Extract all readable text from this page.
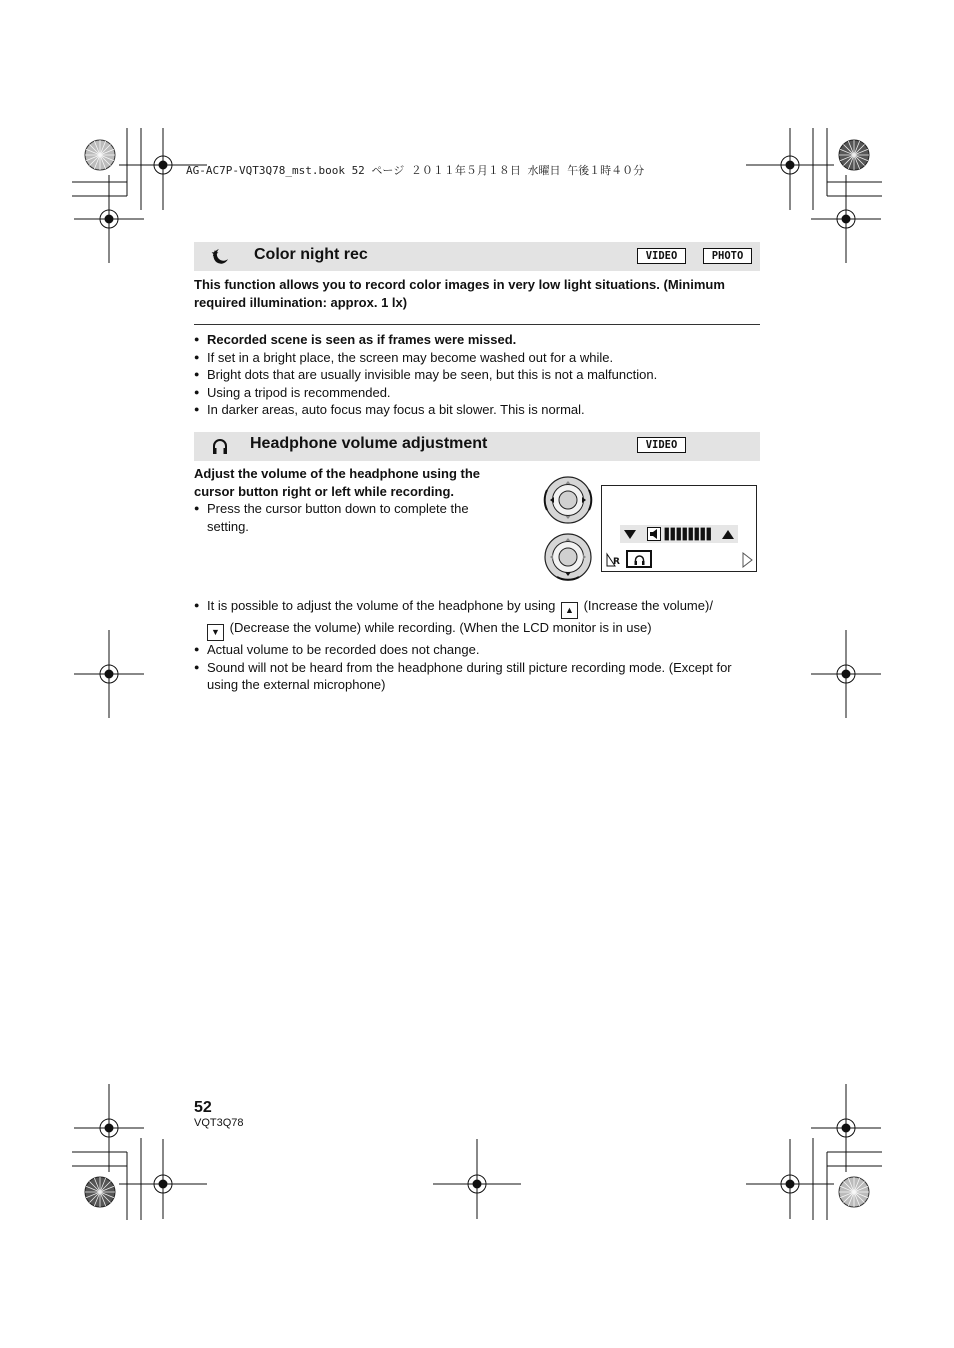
AG-AC7P-VQT3Q78_mst.book 52 ページ ２０１１年５月１８日 水曜日 午後１時４０分
Color night rec	VIDEO	PHOTO
This function allows you to record color images in very low light situations. (Minimum required illumination: approx. 1 lx)
● Recorded scene is seen as if frames were missed.
● If set in a bright place, the screen may become washed out for a while.
● Bright dots that are usually invisible may be seen, but this is not a malfunction.
● Using a tripod is recommended.
● In darker areas, auto focus may focus a bit slower. This is normal.
Headphone volume adjustment	VIDEO
Adjust the volume of the headphone using the cursor button right or left while recording.
● Press the cursor button down to complete the setting.
R
● It is possible to adjust the volume of the headphone by using ▲ (Increase the volume)/
▼ (Decrease the volume) while recording. (When the LCD monitor is in use)
● Actual volume to be recorded does not change.
● Sound will not be heard from the headphone during still picture recording mode. (Except for using the external microphone)
52
VQT3Q78
